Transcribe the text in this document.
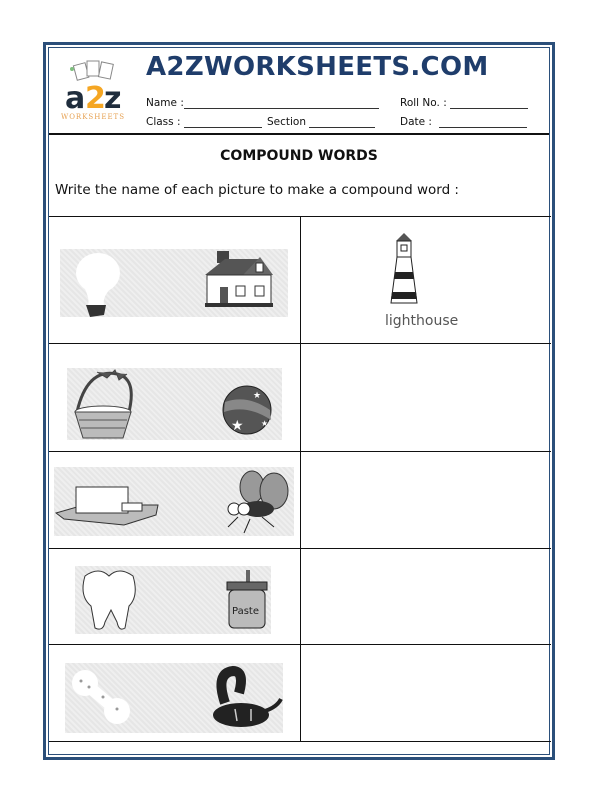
a 2
z
WORKSHEETS
A2ZWORKSHEETS.COM
Name :	Roll No. :
Class :	Section	Date :
COMPOUND WORDS
Write the name of each picture to make a compound word :
lighthouse
★
★
★
Paste
